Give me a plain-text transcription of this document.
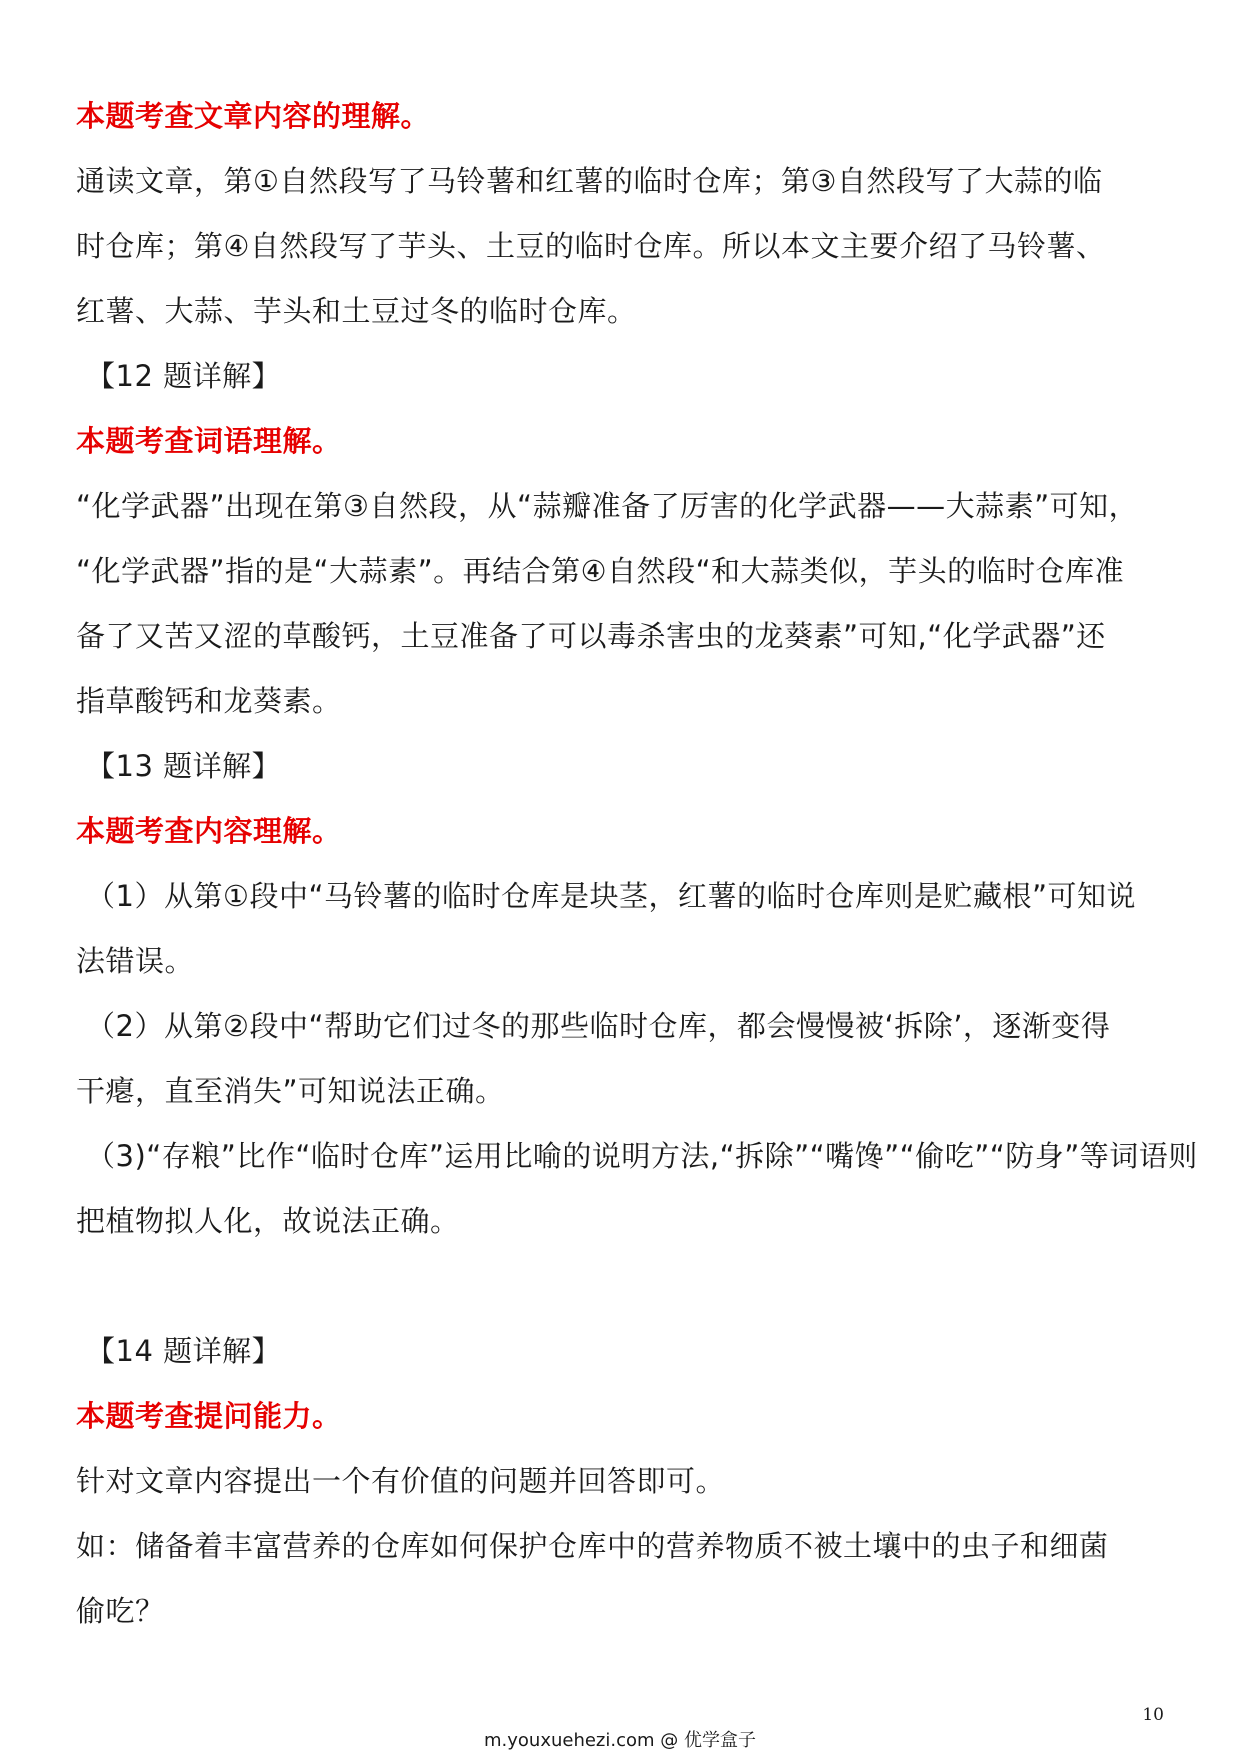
本题考查文章内容的理解。
通读文章，第①自然段写了马铃薯和红薯的临时仓库；第③自然段写了大蒜的临
时仓库；第④自然段写了芋头、土豆的临时仓库。所以本文主要介绍了马铃薯、
红薯、大蒜、芋头和土豆过冬的临时仓库。
【12 题详解】
本题考查词语理解。
“化学武器”出现在第③自然段，从“蒜瓣准备了厉害的化学武器——大蒜素”可知，
“化学武器”指的是“大蒜素”。再结合第④自然段“和大蒜类似，芋头的临时仓库准
备了又苦又涩的草酸钙，土豆准备了可以毒杀害虫的龙葵素”可知,“化学武器”还
指草酸钙和龙葵素。
【13 题详解】
本题考查内容理解。
（1）从第①段中“马铃薯的临时仓库是块茎，红薯的临时仓库则是贮藏根”可知说
法错误。
（2）从第②段中“帮助它们过冬的那些临时仓库，都会慢慢被‘拆除’，逐渐变得
干瘪，直至消失”可知说法正确。
（3)“存粮”比作“临时仓库”运用比喻的说明方法,“拆除”“嘴馋”“偷吃”“防身”等词语则
把植物拟人化，故说法正确。
【14 题详解】
本题考查提问能力。
针对文章内容提出一个有价值的问题并回答即可。
如：储备着丰富营养的仓库如何保护仓库中的营养物质不被土壤中的虫子和细菌
偷吃？
10
m.youxuehezi.com @ 优学盒子
